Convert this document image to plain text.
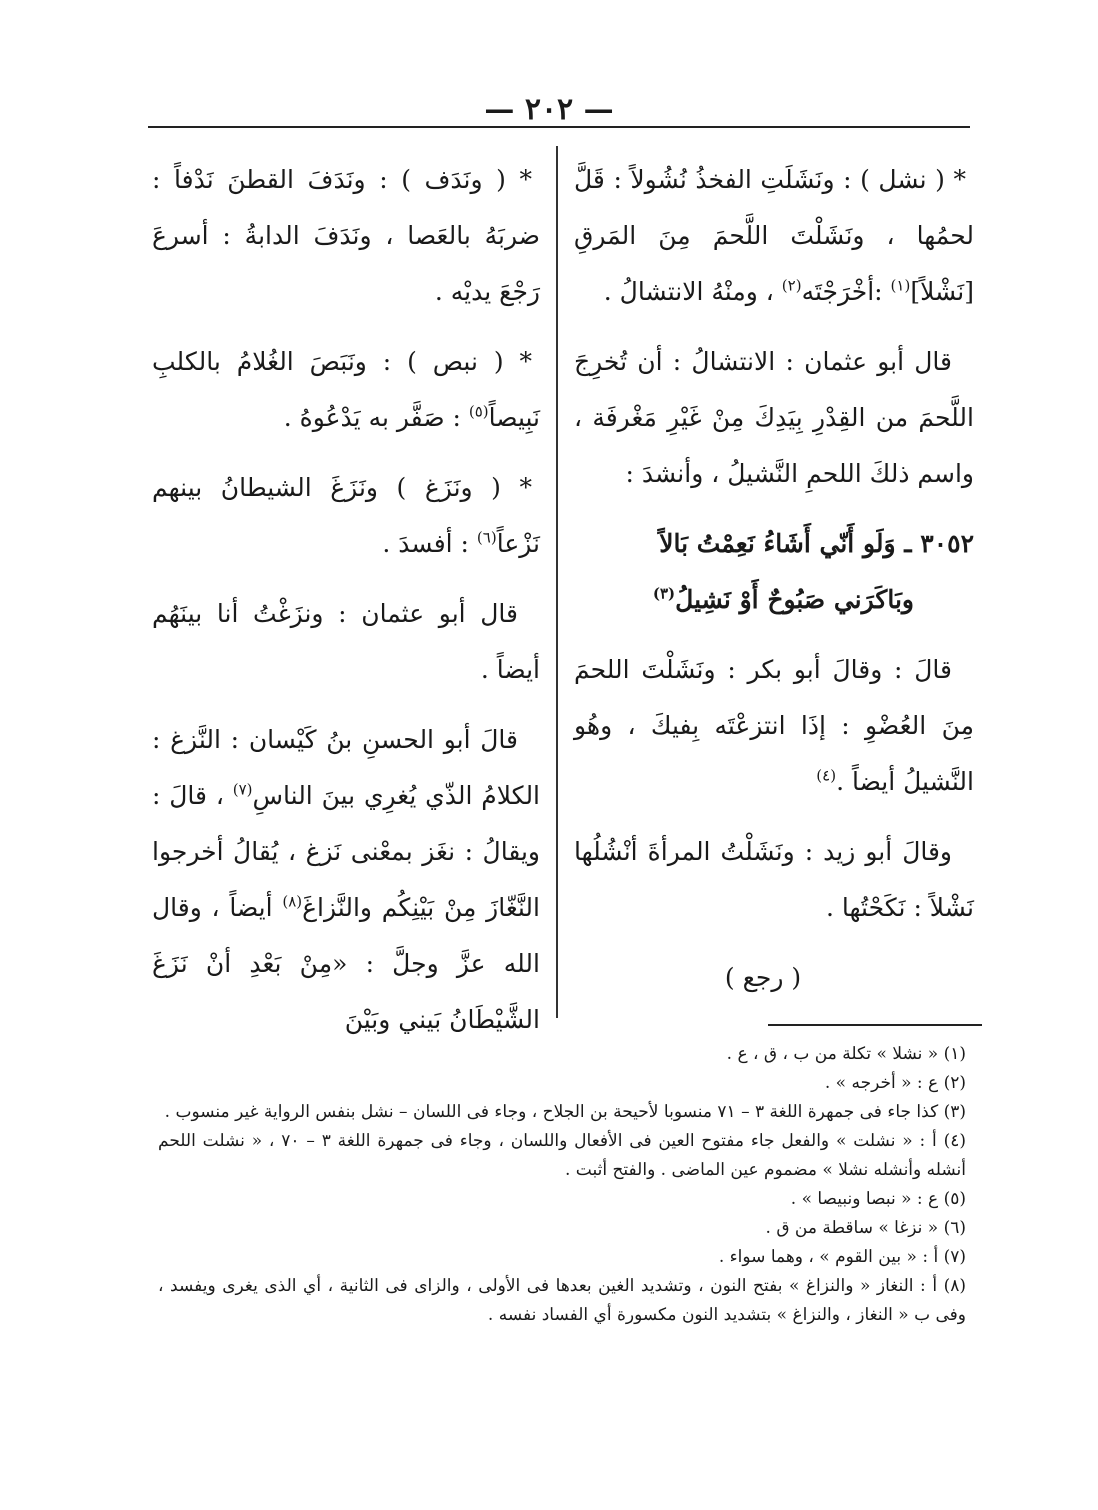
— ٢٠٢ —

* ( نشل ) : ونَشَلَتِ الفخذُ نُشُولاً : قَلَّ لحمُها ، ونَشَلْتَ اللَّحمَ مِنَ المَرقِ [نَشْلاً]$^{(١)}$ :أخْرَجْتَه$^{(٢)}$ ، ومنْهُ الانتشالُ .

قال أبو عثمان : الانتشالُ : أن تُخرِجَ اللَّحمَ من القِدْرِ بِيَدِكَ مِنْ غَيْرِ مَغْرفَة ، واسم ذلكَ اللحمِ النَّشيلُ ، وأنشدَ :

٣٠٥٢ ـ وَلَو أَنّي أَشَاءُ نَعِمْتُ بَالاً
وبَاكَرَني صَبُوحٌ أَوْ نَشِيلُ$^{(٣)}$

قالَ : وقالَ أبو بكر : ونَشَلْتَ اللحمَ مِنَ العُضْوِ : إذَا انتزعْتَه بِفيكَ ، وهُو النَّشيلُ أيضاً .$^{(٤)}$

وقالَ أبو زيد : ونَشَلْتُ المرأةَ أنْشُلُها نَشْلاً : نَكَحْتُها .

( رجع )

* ( ونَدَف ) : ونَدَفَ القطنَ نَدْفاً : ضربَهُ بالعَصا ، ونَدَفَ الدابةُ : أسرعَ رَجْعَ يديْه .

* ( نبص ) : ونَبَصَ الغُلامُ بالكلبِ نَبِيصاً$^{(٥)}$ : صَفَّر به يَدْعُوهُ .

* ( ونَزَغ ) ونَزَغَ الشيطانُ بينهم نَزْعاً$^{(٦)}$ : أفسدَ .

قال أبو عثمان : ونزَغْتُ أنا بينَهُم أيضاً .

قالَ أبو الحسنِ بنُ كَيْسان : النَّزغ : الكلامُ الذّي يُغرِي بينَ الناسِ$^{(٧)}$ ، قالَ : ويقالُ : نغَز بمعْنى نَزغ ، يُقالُ أخرجوا النَّغّازَ مِنْ بَيْنِكُم والنَّزاغَ$^{(٨)}$ أيضاً ، وقال الله عزَّ وجلَّ : «مِنْ بَعْدِ أنْ نَزَغَ الشَّيْطَانُ بَيني وبَيْنَ

(١) « نشلا » تكلة من ب ، ق ، ع .

(٢) ع : « أخرجه » .

(٣) كذا جاء فى جمهرة اللغة ٣ – ٧١ منسوبا لأحيحة بن الجلاح ، وجاء فى اللسان – نشل بنفس الرواية غير منسوب .

(٤) أ : « نشلت » والفعل جاء مفتوح العين فى الأفعال واللسان ، وجاء فى جمهرة اللغة ٣ – ٧٠ ، « نشلت اللحم أنشله وأنشله نشلا » مضموم عين الماضى . والفتح أثبت .

(٥) ع : « نبصا ونبيصا » .

(٦) « نزغا » ساقطة من ق .

(٧) أ : « بين القوم » ، وهما سواء .

(٨) أ : النغاز « والنزاغ » بفتح النون ، وتشديد الغين بعدها فى الأولى ، والزاى فى الثانية ، أي الذى يغرى ويفسد ، وفى ب « النغاز ، والنزاغ » بتشديد النون مكسورة أي الفساد نفسه .
